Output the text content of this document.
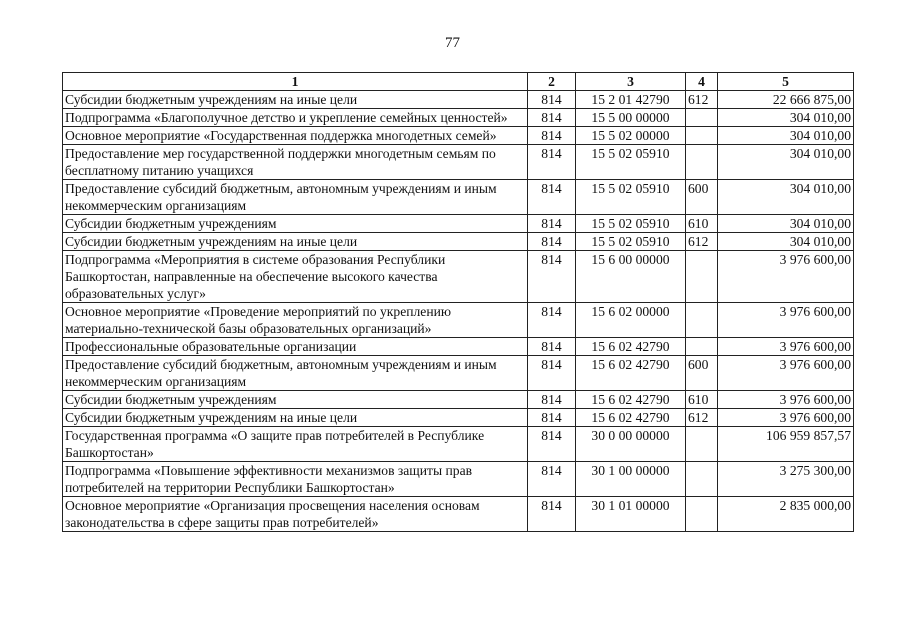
77
1	2	3	4	5
Субсидии бюджетным учреждениям на иные цели	814	15 2 01 42790	612	22 666 875,00
Подпрограмма «Благополучное детство и укрепление семейных ценностей»	814	15 5 00 00000		304 010,00
Основное мероприятие «Государственная поддержка многодетных семей»	814	15 5 02 00000		304 010,00
Предоставление мер государственной поддержки многодетным семьям по бесплатному питанию учащихся	814	15 5 02 05910		304 010,00
Предоставление субсидий бюджетным, автономным учреждениям и иным некоммерческим организациям	814	15 5 02 05910	600	304 010,00
Субсидии бюджетным учреждениям	814	15 5 02 05910	610	304 010,00
Субсидии бюджетным учреждениям на иные цели	814	15 5 02 05910	612	304 010,00
Подпрограмма «Мероприятия в системе образования Республики Башкортостан, направленные на обеспечение высокого качества образовательных услуг»	814	15 6 00 00000		3 976 600,00
Основное мероприятие «Проведение мероприятий по укреплению материально-технической базы образовательных организаций»	814	15 6 02 00000		3 976 600,00
Профессиональные образовательные организации	814	15 6 02 42790		3 976 600,00
Предоставление субсидий бюджетным, автономным учреждениям и иным некоммерческим организациям	814	15 6 02 42790	600	3 976 600,00
Субсидии бюджетным учреждениям	814	15 6 02 42790	610	3 976 600,00
Субсидии бюджетным учреждениям на иные цели	814	15 6 02 42790	612	3 976 600,00
Государственная программа «О защите прав потребителей в Республике Башкортостан»	814	30 0 00 00000		106 959 857,57
Подпрограмма «Повышение эффективности механизмов защиты прав потребителей на территории Республики Башкортостан»	814	30 1 00 00000		3 275 300,00
Основное мероприятие «Организация просвещения населения основам законодательства в сфере защиты прав потребителей»	814	30 1 01 00000		2 835 000,00
